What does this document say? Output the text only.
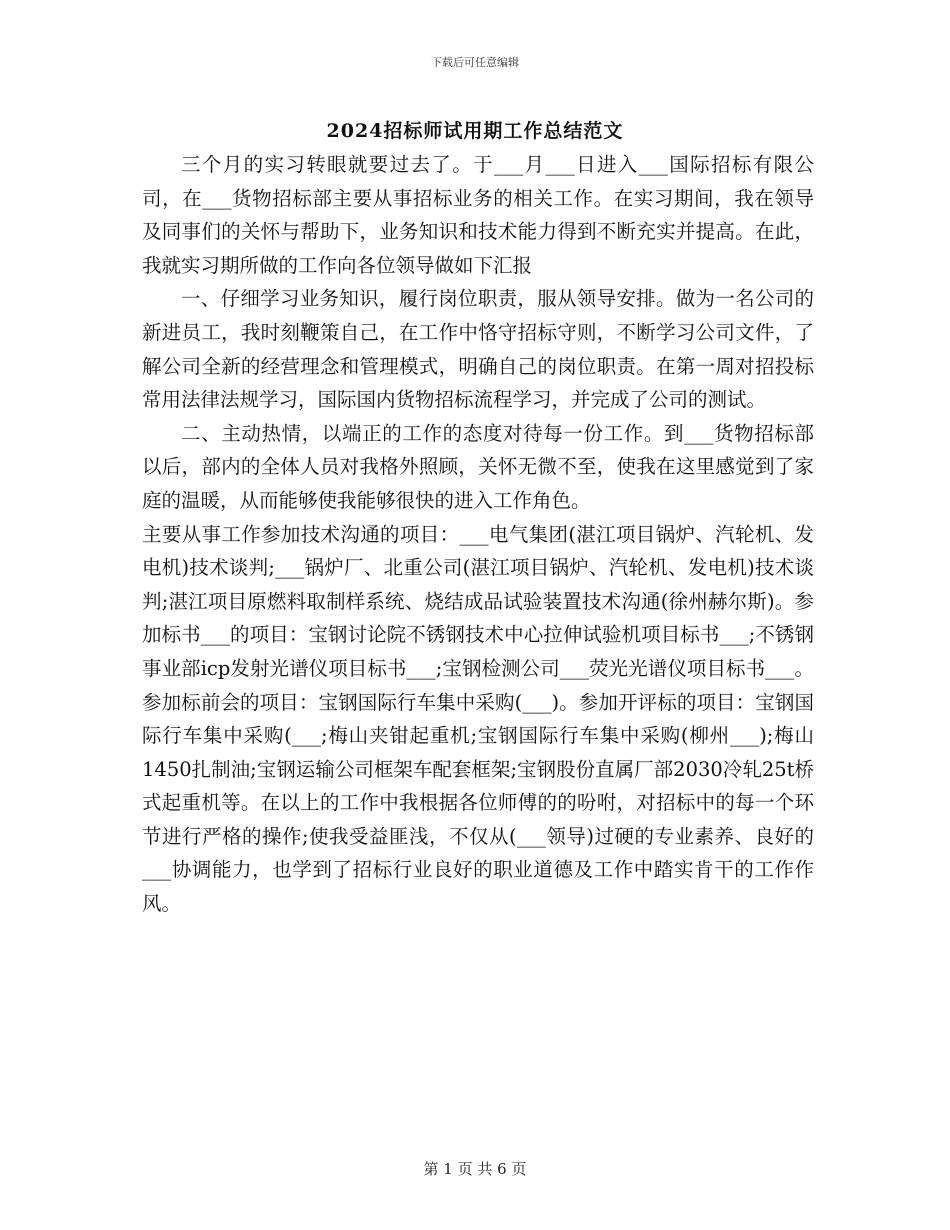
下载后可任意编辑
2024招标师试用期工作总结范文

三个月的实习转眼就要过去了。于___月___日进入___国际招标有限公司，在___货物招标部主要从事招标业务的相关工作。在实习期间，我在领导及同事们的关怀与帮助下，业务知识和技术能力得到不断充实并提高。在此，我就实习期所做的工作向各位领导做如下汇报

一、仔细学习业务知识，履行岗位职责，服从领导安排。做为一名公司的新进员工，我时刻鞭策自己，在工作中恪守招标守则，不断学习公司文件，了解公司全新的经营理念和管理模式，明确自己的岗位职责。在第一周对招投标常用法律法规学习，国际国内货物招标流程学习，并完成了公司的测试。

二、主动热情，以端正的工作的态度对待每一份工作。到___货物招标部以后，部内的全体人员对我格外照顾，关怀无微不至，使我在这里感觉到了家庭的温暖，从而能够使我能够很快的进入工作角色。

主要从事工作参加技术沟通的项目：___电气集团(湛江项目锅炉、汽轮机、发电机)技术谈判;___锅炉厂、北重公司(湛江项目锅炉、汽轮机、发电机)技术谈判;湛江项目原燃料取制样系统、烧结成品试验装置技术沟通(徐州赫尔斯)。参加标书___的项目：宝钢讨论院不锈钢技术中心拉伸试验机项目标书___;不锈钢事业部icp发射光谱仪项目标书___;宝钢检测公司___荧光光谱仪项目标书___。参加标前会的项目：宝钢国际行车集中采购(___)。参加开评标的项目：宝钢国际行车集中采购(___;梅山夹钳起重机;宝钢国际行车集中采购(柳州___);梅山1450扎制油;宝钢运输公司框架车配套框架;宝钢股份直属厂部2030冷轧25t桥式起重机等。在以上的工作中我根据各位师傅的的吩咐，对招标中的每一个环节进行严格的操作;使我受益匪浅，不仅从(___领导)过硬的专业素养、良好的___协调能力，也学到了招标行业良好的职业道德及工作中踏实肯干的工作作风。

第 1 页 共 6 页
